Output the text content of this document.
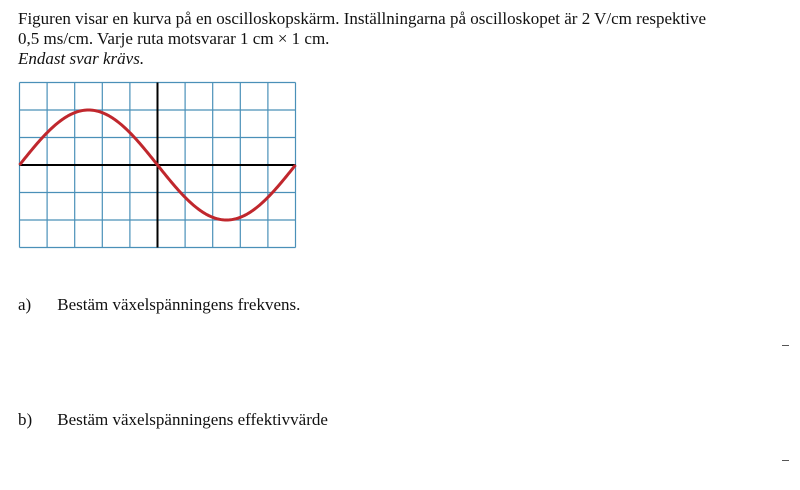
Figuren visar en kurva på en oscilloskopskärm. Inställningarna på oscilloskopet är 2 V/cm respektive

0,5 ms/cm. Varje ruta motsvarar 1 cm × 1 cm.

Endast svar krävs.

a) Bestäm växelspänningens frekvens.
b) Bestäm växelspänningens effektivvärde
